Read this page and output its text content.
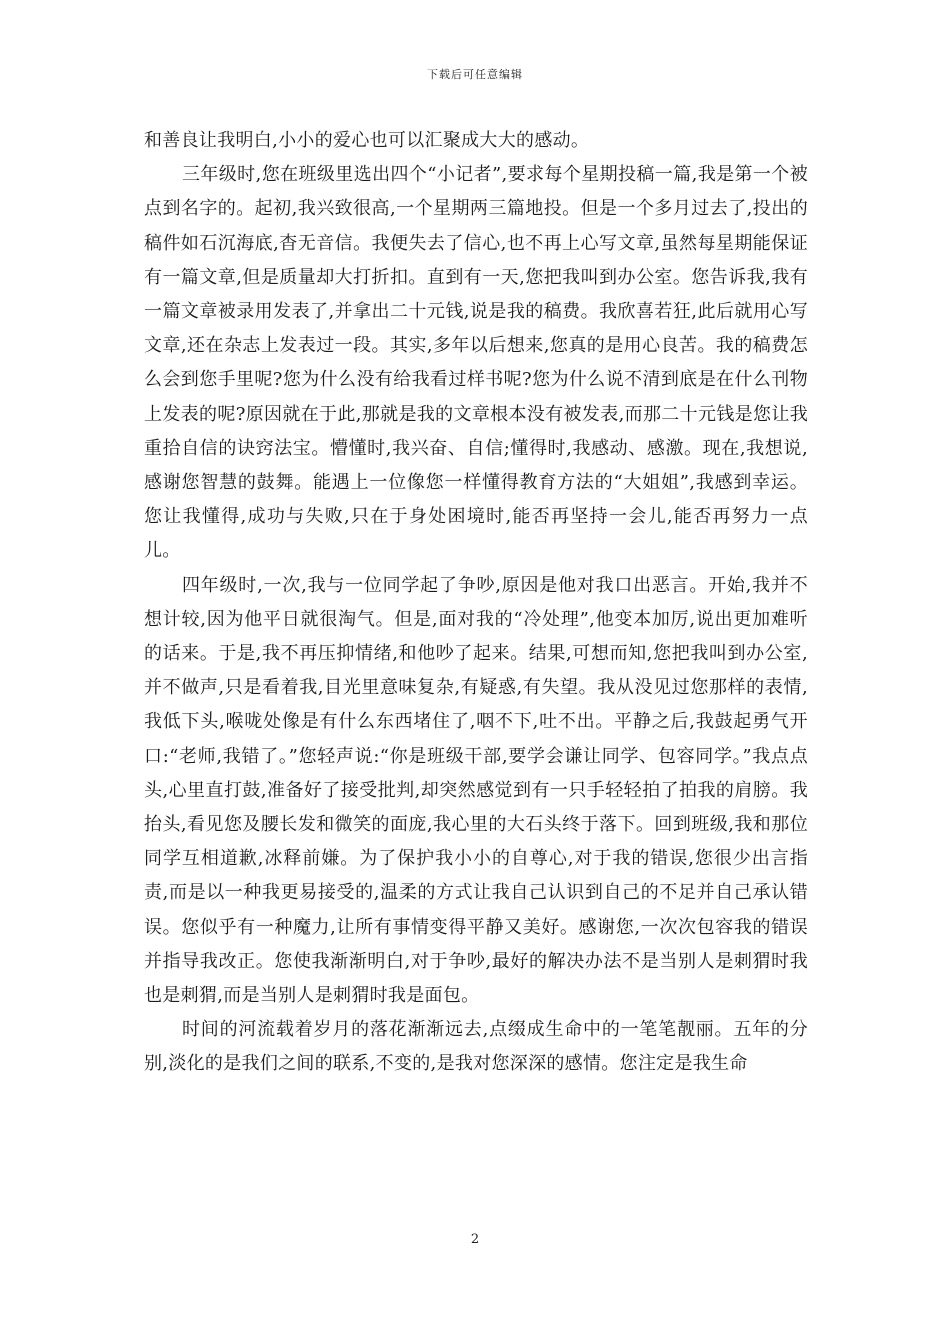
下载后可任意编辑

和善良让我明白,小小的爱心也可以汇聚成大大的感动。

三年级时,您在班级里选出四个“小记者”,要求每个星期投稿一篇,我是第一个被点到名字的。起初,我兴致很高,一个星期两三篇地投。但是一个多月过去了,投出的稿件如石沉海底,杳无音信。我便失去了信心,也不再上心写文章,虽然每星期能保证有一篇文章,但是质量却大打折扣。直到有一天,您把我叫到办公室。您告诉我,我有一篇文章被录用发表了,并拿出二十元钱,说是我的稿费。我欣喜若狂,此后就用心写文章,还在杂志上发表过一段。其实,多年以后想来,您真的是用心良苦。我的稿费怎么会到您手里呢?您为什么没有给我看过样书呢?您为什么说不清到底是在什么刊物上发表的呢?原因就在于此,那就是我的文章根本没有被发表,而那二十元钱是您让我重拾自信的诀窍法宝。懵懂时,我兴奋、自信;懂得时,我感动、感激。现在,我想说,感谢您智慧的鼓舞。能遇上一位像您一样懂得教育方法的“大姐姐”,我感到幸运。您让我懂得,成功与失败,只在于身处困境时,能否再坚持一会儿,能否再努力一点儿。

四年级时,一次,我与一位同学起了争吵,原因是他对我口出恶言。开始,我并不想计较,因为他平日就很淘气。但是,面对我的“冷处理”,他变本加厉,说出更加难听的话来。于是,我不再压抑情绪,和他吵了起来。结果,可想而知,您把我叫到办公室,并不做声,只是看着我,目光里意味复杂,有疑惑,有失望。我从没见过您那样的表情,我低下头,喉咙处像是有什么东西堵住了,咽不下,吐不出。平静之后,我鼓起勇气开口:“老师,我错了。”您轻声说:“你是班级干部,要学会谦让同学、包容同学。”我点点头,心里直打鼓,准备好了接受批判,却突然感觉到有一只手轻轻拍了拍我的肩膀。我抬头,看见您及腰长发和微笑的面庞,我心里的大石头终于落下。回到班级,我和那位同学互相道歉,冰释前嫌。为了保护我小小的自尊心,对于我的错误,您很少出言指责,而是以一种我更易接受的,温柔的方式让我自己认识到自己的不足并自己承认错误。您似乎有一种魔力,让所有事情变得平静又美好。感谢您,一次次包容我的错误并指导我改正。您使我渐渐明白,对于争吵,最好的解决办法不是当别人是刺猬时我也是刺猬,而是当别人是刺猬时我是面包。

时间的河流载着岁月的落花渐渐远去,点缀成生命中的一笔笔靓丽。五年的分别,淡化的是我们之间的联系,不变的,是我对您深深的感情。您注定是我生命

2
